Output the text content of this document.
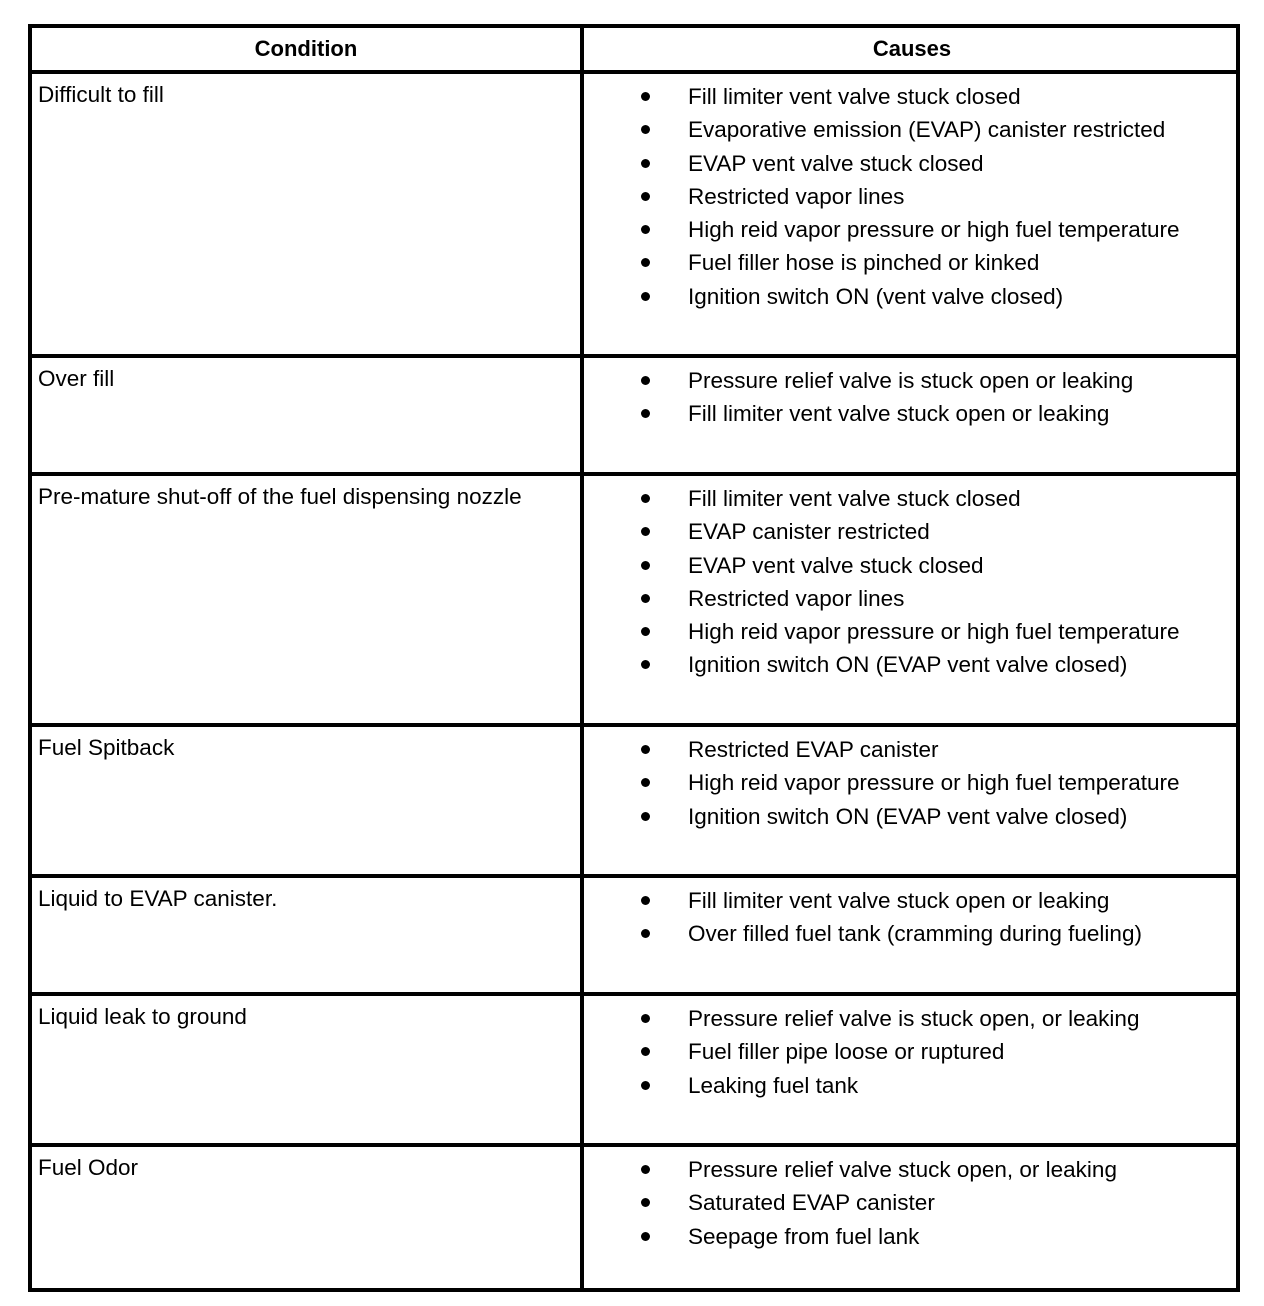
Condition	Causes
Difficult to fill	Fill limiter vent valve stuck closed
Evaporative emission (EVAP) canister restricted
EVAP vent valve stuck closed
Restricted vapor lines
High reid vapor pressure or high fuel temperature
Fuel filler hose is pinched or kinked
Ignition switch ON (vent valve closed)
Over fill	Pressure relief valve is stuck open or leaking
Fill limiter vent valve stuck open or leaking
Pre-mature shut-off of the fuel dispensing nozzle	Fill limiter vent valve stuck closed
EVAP canister restricted
EVAP vent valve stuck closed
Restricted vapor lines
High reid vapor pressure or high fuel temperature
Ignition switch ON (EVAP vent valve closed)
Fuel Spitback	Restricted EVAP canister
High reid vapor pressure or high fuel temperature
Ignition switch ON (EVAP vent valve closed)
Liquid to EVAP canister.	Fill limiter vent valve stuck open or leaking
Over filled fuel tank (cramming during fueling)
Liquid leak to ground	Pressure relief valve is stuck open, or leaking
Fuel filler pipe loose or ruptured
Leaking fuel tank
Fuel Odor	Pressure relief valve stuck open, or leaking
Saturated EVAP canister
Seepage from fuel lank
